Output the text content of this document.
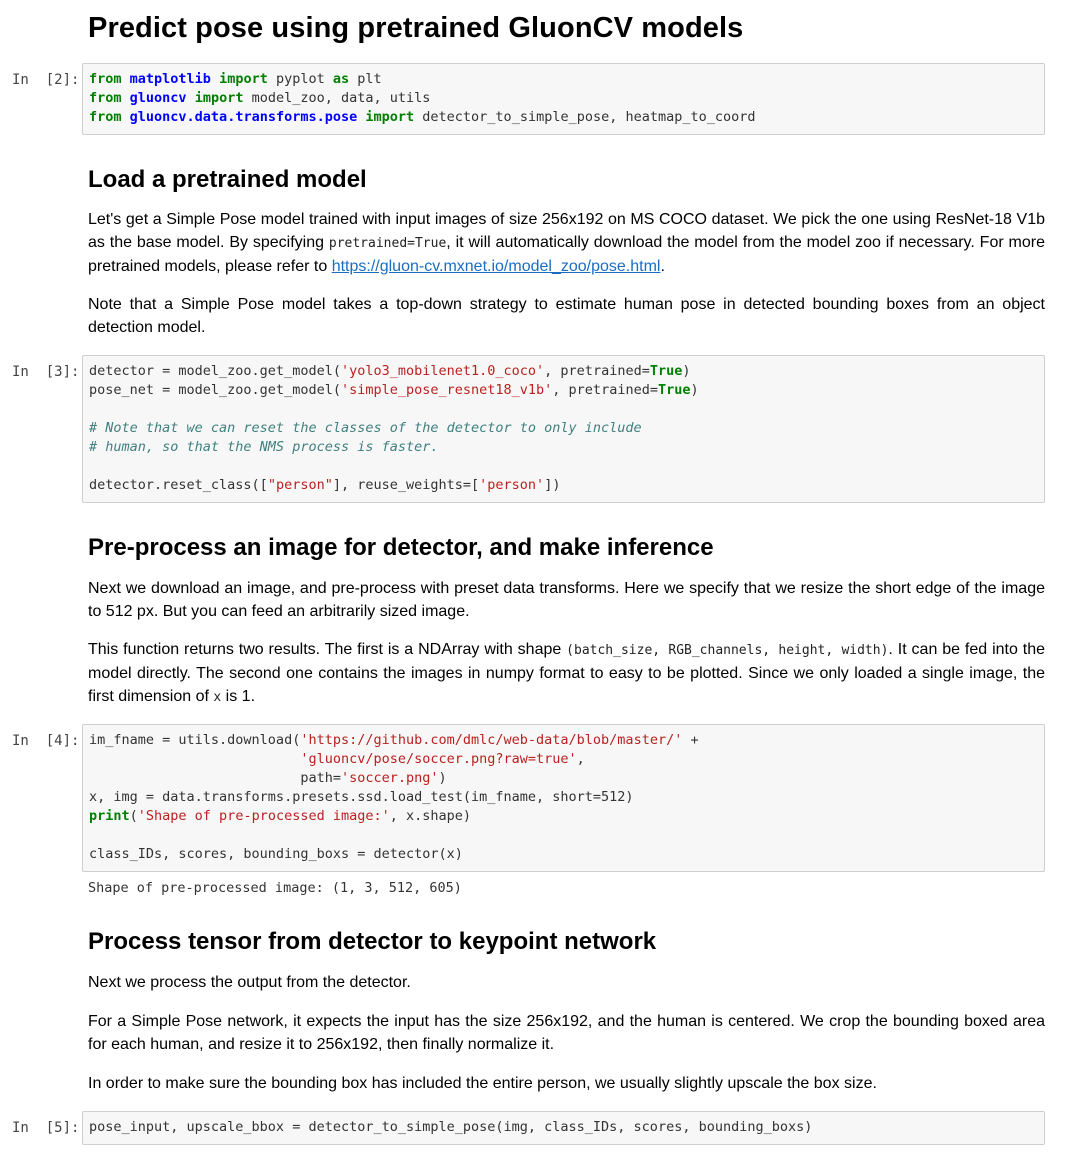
Predict pose using pretrained GluonCV models
In  [2]: from matplotlib import pyplot as plt
from gluoncv import model_zoo, data, utils
from gluoncv.data.transforms.pose import detector_to_simple_pose, heatmap_to_coord
Load a pretrained model

Let's get a Simple Pose model trained with input images of size 256x192 on MS COCO dataset. We pick the one using ResNet-18 V1b as the base model. By specifying pretrained=True, it will automatically download the model from the model zoo if necessary. For more pretrained models, please refer to https://gluon-cv.mxnet.io/model_zoo/pose.html.

Note that a Simple Pose model takes a top-down strategy to estimate human pose in detected bounding boxes from an object detection model.

In  [3]: detector = model_zoo.get_model('yolo3_mobilenet1.0_coco', pretrained=True)
pose_net = model_zoo.get_model('simple_pose_resnet18_v1b', pretrained=True)
# Note that we can reset the classes of the detector to only include
# human, so that the NMS process is faster.
detector.reset_class(["person"], reuse_weights=['person'])
Pre-process an image for detector, and make inference

Next we download an image, and pre-process with preset data transforms. Here we specify that we resize the short edge of the image to 512 px. But you can feed an arbitrarily sized image.

This function returns two results. The first is a NDArray with shape (batch_size, RGB_channels, height, width). It can be fed into the model directly. The second one contains the images in numpy format to easy to be plotted. Since we only loaded a single image, the first dimension of x is 1.

In  [4]: im_fname = utils.download('https://github.com/dmlc/web-data/blob/master/' +
'gluoncv/pose/soccer.png?raw=true',
path='soccer.png')
x, img = data.transforms.presets.ssd.load_test(im_fname, short=512)
print('Shape of pre-processed image:', x.shape)
class_IDs, scores, bounding_boxs = detector(x)
Shape of pre-processed image: (1, 3, 512, 605)
Process tensor from detector to keypoint network

Next we process the output from the detector.

For a Simple Pose network, it expects the input has the size 256x192, and the human is centered. We crop the bounding boxed area for each human, and resize it to 256x192, then finally normalize it.

In order to make sure the bounding box has included the entire person, we usually slightly upscale the box size.

In  [5]: pose_input, upscale_bbox = detector_to_simple_pose(img, class_IDs, scores, bounding_boxs)
